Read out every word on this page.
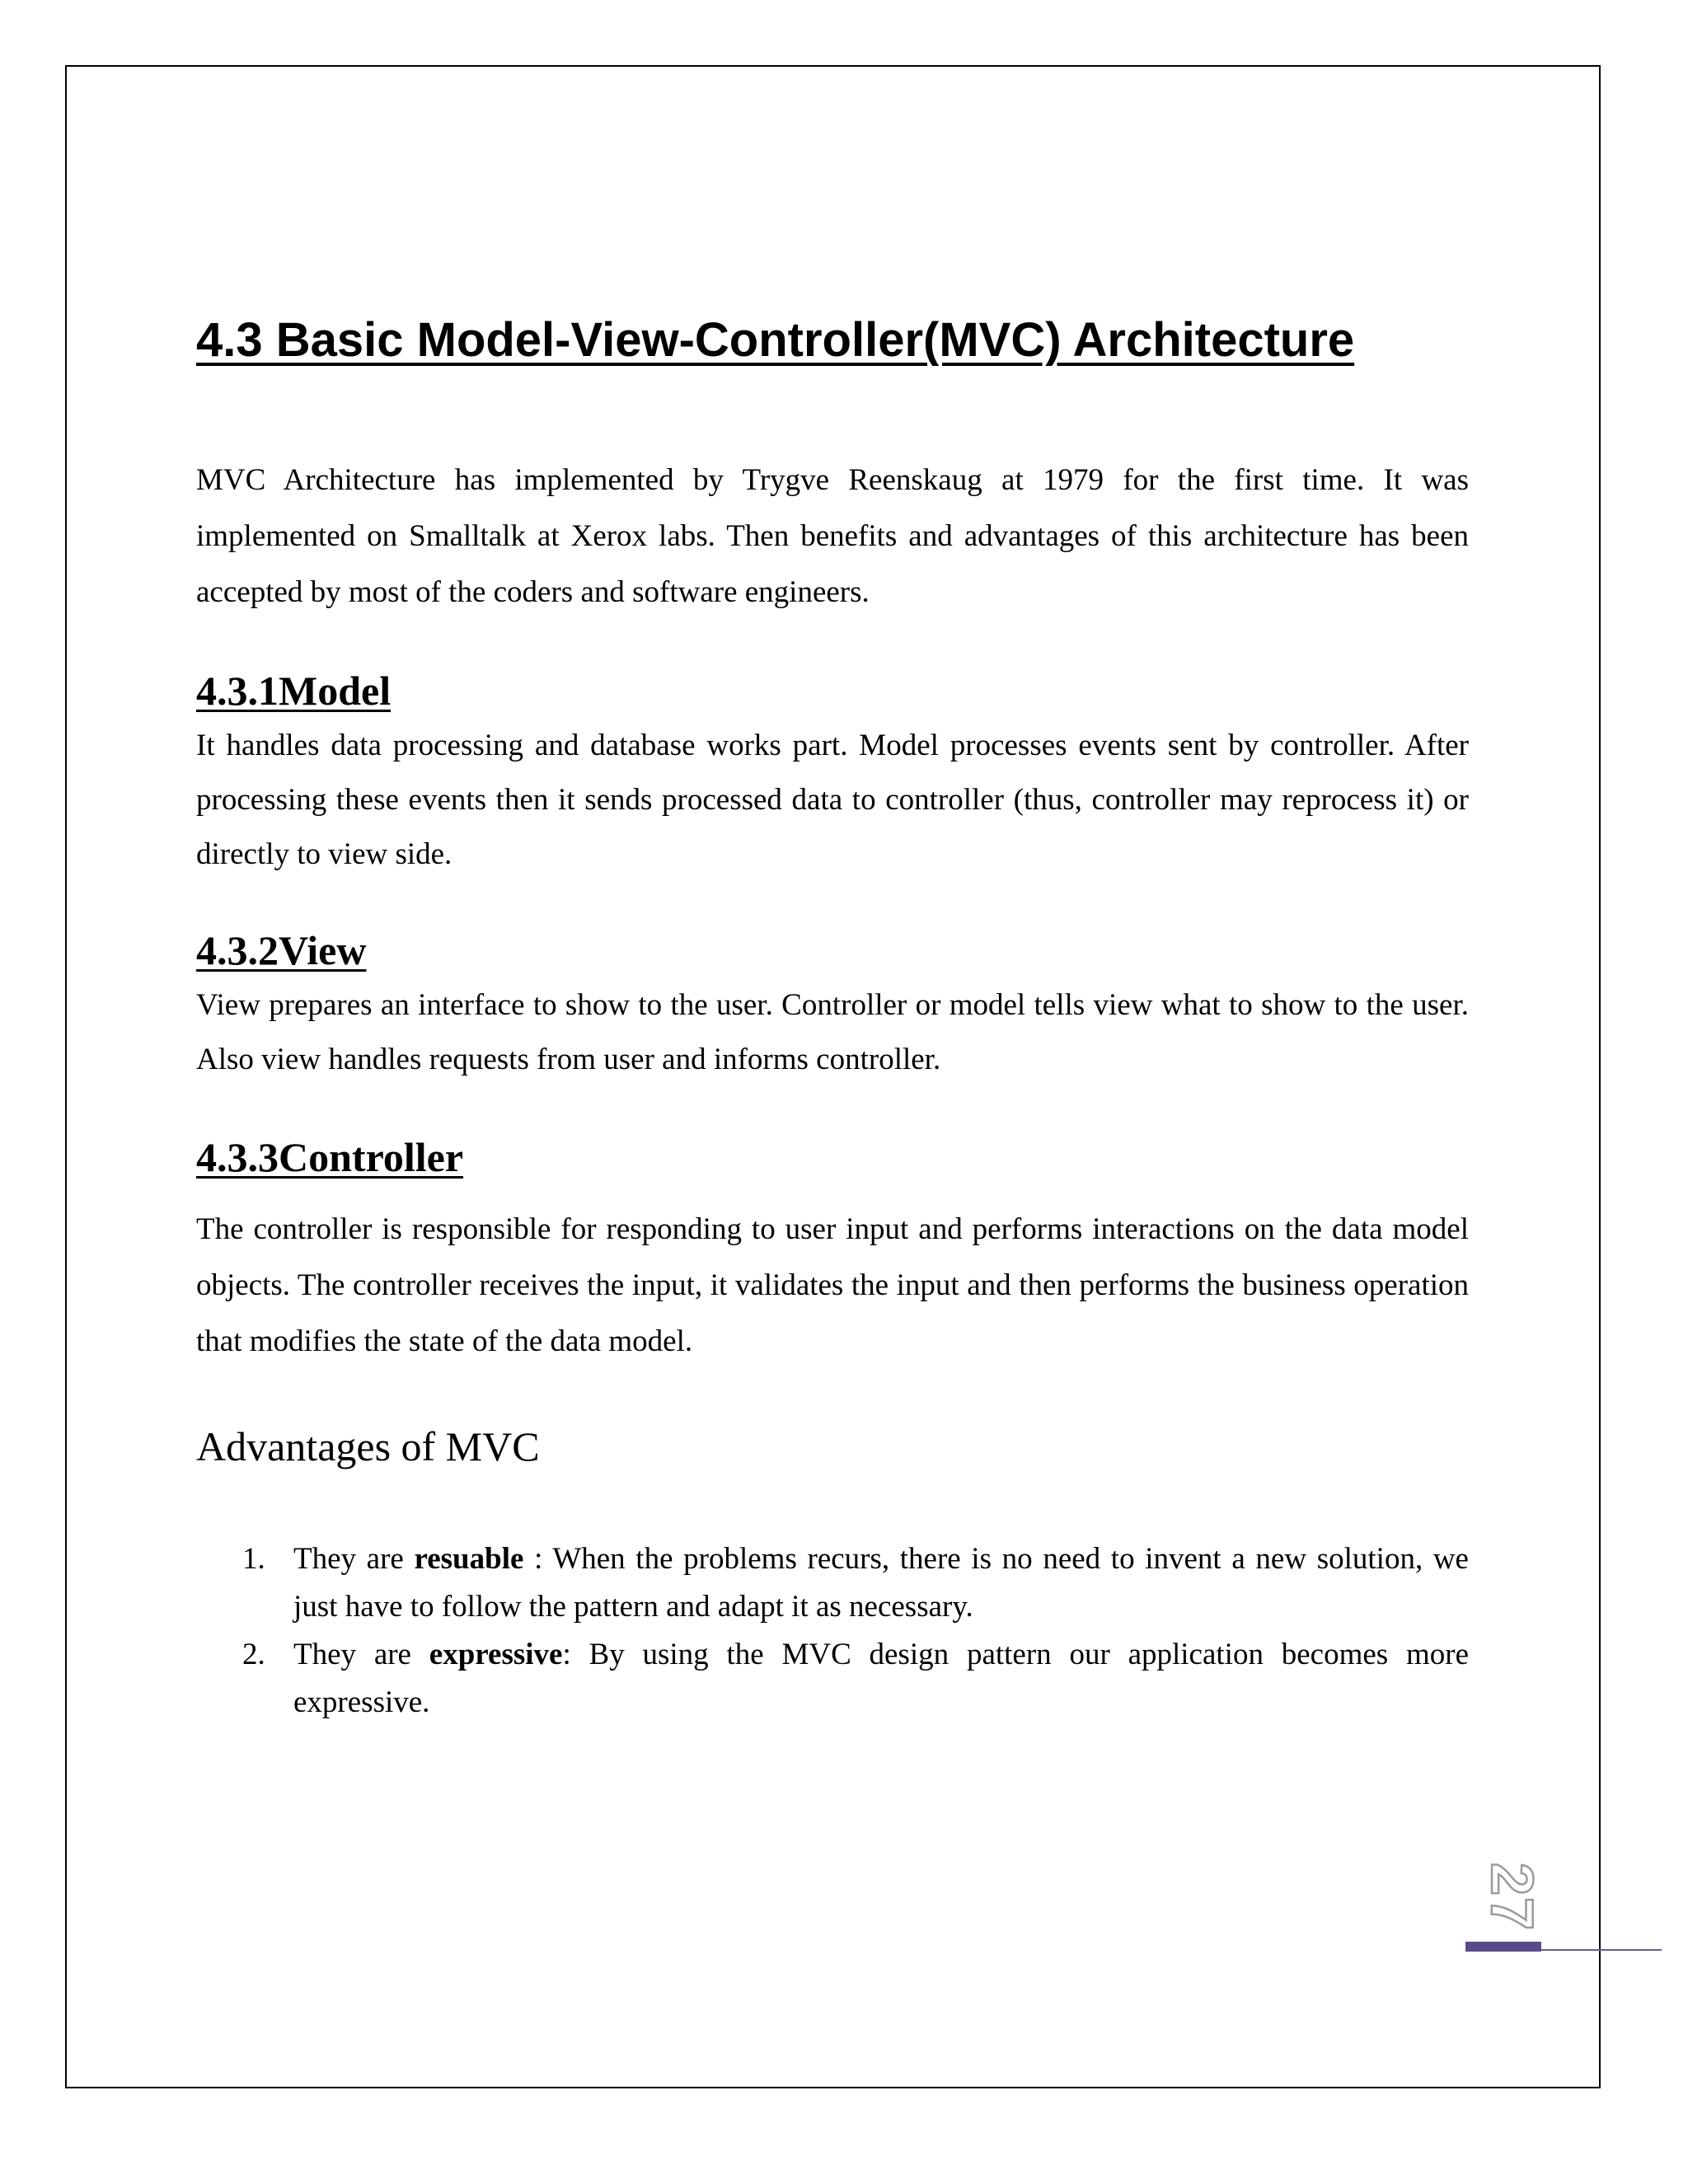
4.3 Basic Model-View-Controller(MVC) Architecture

MVC Architecture has implemented by Trygve Reenskaug at 1979 for the first time. It was implemented on Smalltalk at Xerox labs. Then benefits and advantages of this architecture has been accepted by most of the coders and software engineers.

4.3.1Model

It handles data processing and database works part. Model processes events sent by controller. After processing these events then it sends processed data to controller (thus, controller may reprocess it) or directly to view side.

4.3.2View

View prepares an interface to show to the user. Controller or model tells view what to show to the user. Also view handles requests from user and informs controller.

4.3.3Controller

The controller is responsible for responding to user input and performs interactions on the data model objects. The controller receives the input, it validates the input and then performs the business operation that modifies the state of the data model.

Advantages of MVC
1. They are resuable : When the problems recurs, there is no need to invent a new solution, we just have to follow the pattern and adapt it as necessary.
2. They are expressive: By using the MVC design pattern our application becomes more expressive.
27
